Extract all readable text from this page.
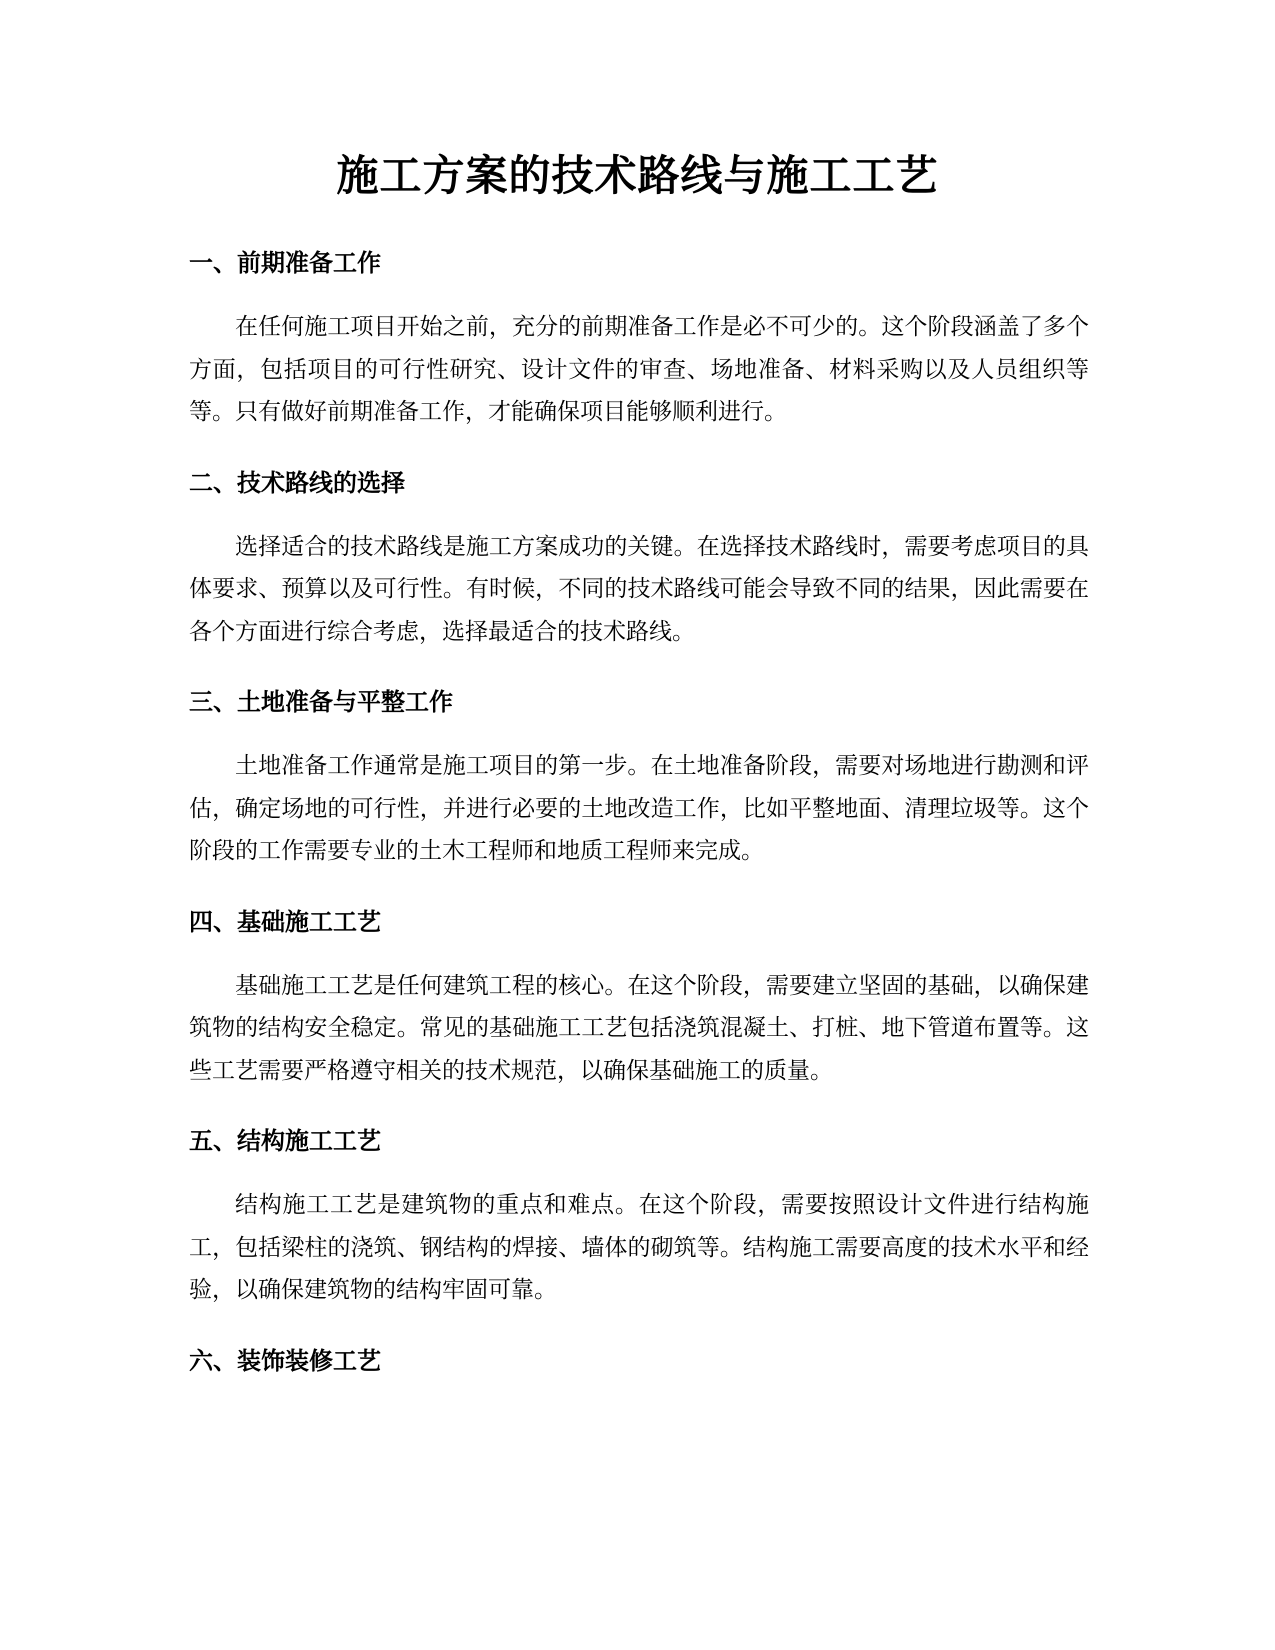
施工方案的技术路线与施工工艺
一、前期准备工作

在任何施工项目开始之前，充分的前期准备工作是必不可少的。这个阶段涵盖了多个方面，包括项目的可行性研究、设计文件的审查、场地准备、材料采购以及人员组织等等。只有做好前期准备工作，才能确保项目能够顺利进行。

二、技术路线的选择

选择适合的技术路线是施工方案成功的关键。在选择技术路线时，需要考虑项目的具体要求、预算以及可行性。有时候，不同的技术路线可能会导致不同的结果，因此需要在各个方面进行综合考虑，选择最适合的技术路线。

三、土地准备与平整工作

土地准备工作通常是施工项目的第一步。在土地准备阶段，需要对场地进行勘测和评估，确定场地的可行性，并进行必要的土地改造工作，比如平整地面、清理垃圾等。这个阶段的工作需要专业的土木工程师和地质工程师来完成。

四、基础施工工艺

基础施工工艺是任何建筑工程的核心。在这个阶段，需要建立坚固的基础，以确保建筑物的结构安全稳定。常见的基础施工工艺包括浇筑混凝土、打桩、地下管道布置等。这些工艺需要严格遵守相关的技术规范，以确保基础施工的质量。

五、结构施工工艺

结构施工工艺是建筑物的重点和难点。在这个阶段，需要按照设计文件进行结构施工，包括梁柱的浇筑、钢结构的焊接、墙体的砌筑等。结构施工需要高度的技术水平和经验，以确保建筑物的结构牢固可靠。

六、装饰装修工艺
